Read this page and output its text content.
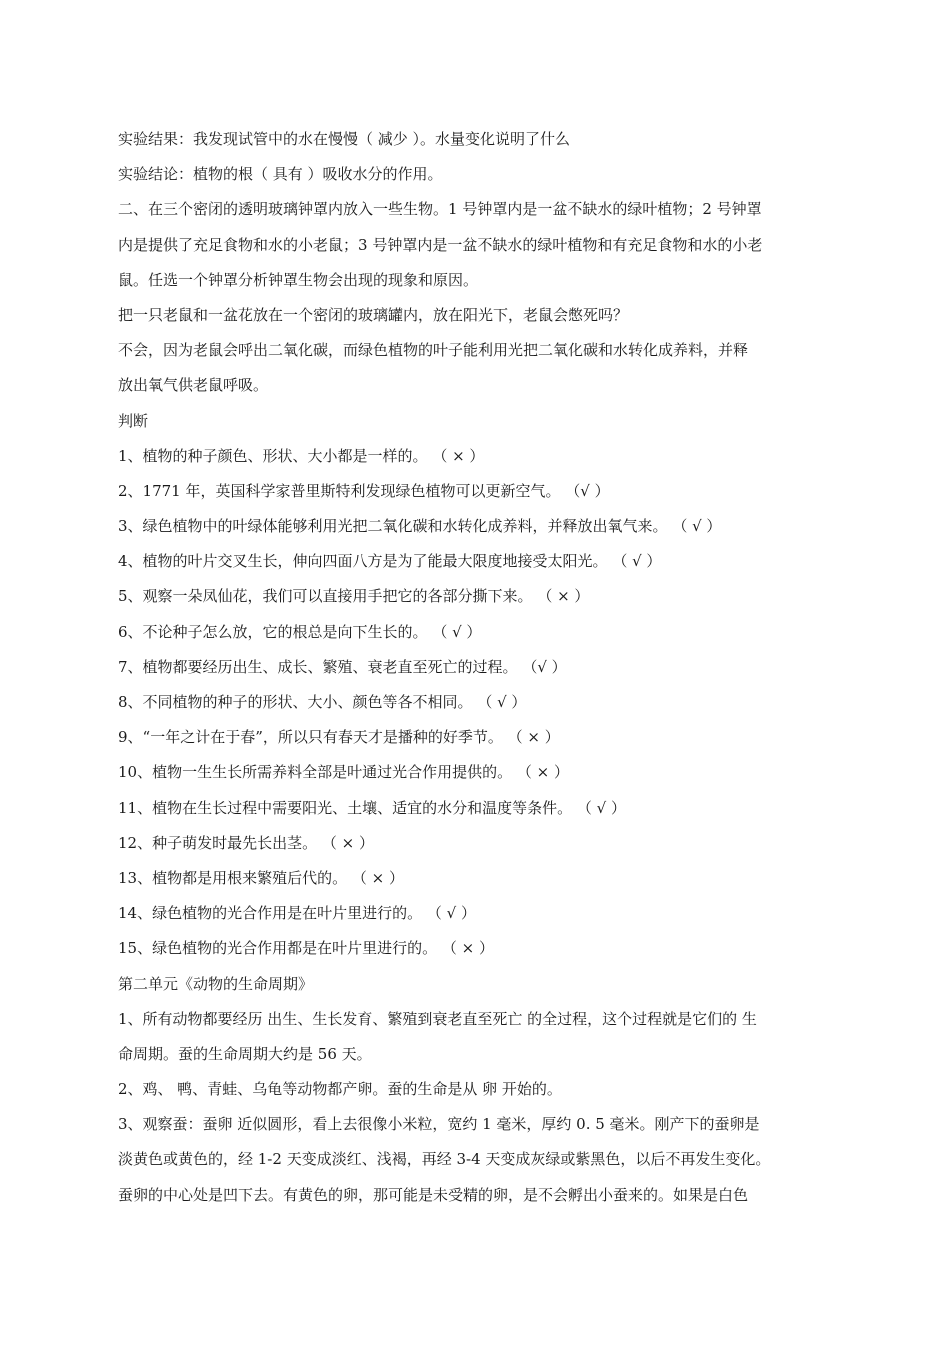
实验结果：我发现试管中的水在慢慢（ 减少 ）。水量变化说明了什么
实验结论：植物的根（ 具有 ）吸收水分的作用。
二、在三个密闭的透明玻璃钟罩内放入一些生物。1 号钟罩内是一盆不缺水的绿叶植物；2 号钟罩
内是提供了充足食物和水的小老鼠；3 号钟罩内是一盆不缺水的绿叶植物和有充足食物和水的小老
鼠。任选一个钟罩分析钟罩生物会出现的现象和原因。
把一只老鼠和一盆花放在一个密闭的玻璃罐内，放在阳光下，老鼠会憋死吗？
不会，因为老鼠会呼出二氧化碳，而绿色植物的叶子能利用光把二氧化碳和水转化成养料，并释
放出氧气供老鼠呼吸。
判断
1、植物的种子颜色、形状、大小都是一样的。 （ × ）
2、1771 年，英国科学家普里斯特利发现绿色植物可以更新空气。 （√ ）
3、绿色植物中的叶绿体能够利用光把二氧化碳和水转化成养料，并释放出氧气来。 （ √ ）
4、植物的叶片交叉生长，伸向四面八方是为了能最大限度地接受太阳光。 （ √ ）
5、观察一朵凤仙花，我们可以直接用手把它的各部分撕下来。 （ × ）
6、不论种子怎么放，它的根总是向下生长的。 （ √ ）
7、植物都要经历出生、成长、繁殖、衰老直至死亡的过程。 （√ ）
8、不同植物的种子的形状、大小、颜色等各不相同。 （ √ ）
9、“一年之计在于春”，所以只有春天才是播种的好季节。 （ × ）
10、植物一生生长所需养料全部是叶通过光合作用提供的。 （ × ）
11、植物在生长过程中需要阳光、土壤、适宜的水分和温度等条件。 （ √ ）
12、种子萌发时最先长出茎。 （ × ）
13、植物都是用根来繁殖后代的。 （ × ）
14、绿色植物的光合作用是在叶片里进行的。 （ √ ）
15、绿色植物的光合作用都是在叶片里进行的。 （ × ）
第二单元《动物的生命周期》
1、所有动物都要经历 出生、生长发育、繁殖到衰老直至死亡 的全过程，这个过程就是它们的 生
命周期。蚕的生命周期大约是 56 天。
2、鸡、 鸭、青蛙、乌龟等动物都产卵。蚕的生命是从 卵 开始的。
3、观察蚕：蚕卵 近似圆形，看上去很像小米粒，宽约 1 毫米，厚约 0. 5 毫米。刚产下的蚕卵是
淡黄色或黄色的，经 1-2 天变成淡红、浅褐，再经 3-4 天变成灰绿或紫黑色，以后不再发生变化。
蚕卵的中心处是凹下去。有黄色的卵，那可能是未受精的卵，是不会孵出小蚕来的。如果是白色
